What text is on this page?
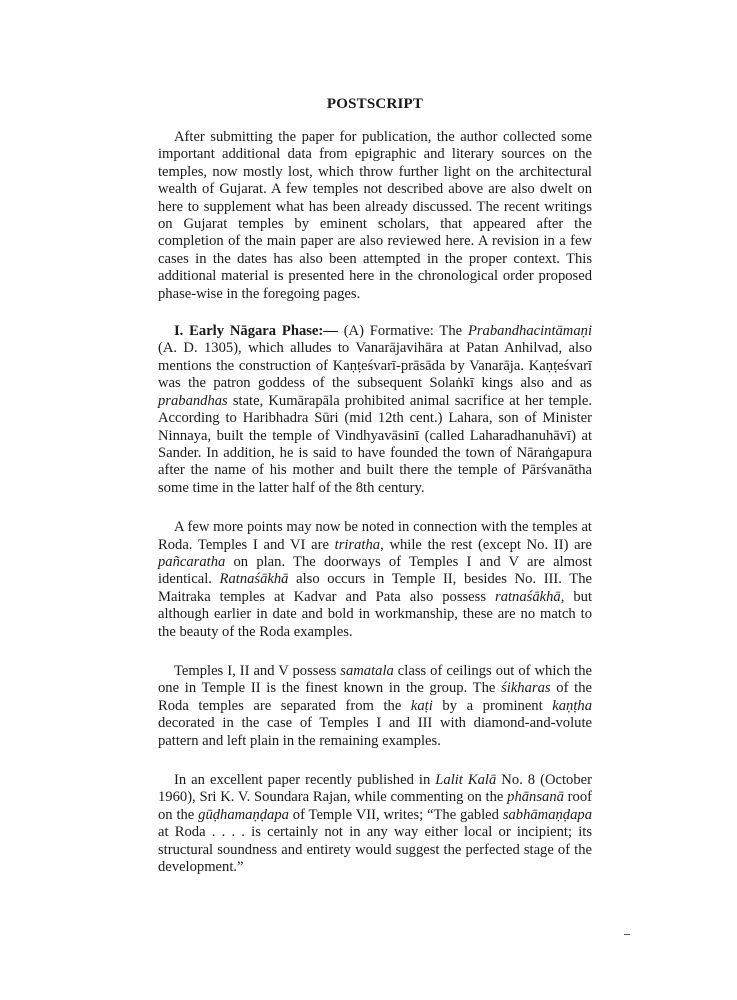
POSTSCRIPT

After submitting the paper for publication, the author collected some important additional data from epigraphic and literary sources on the temples, now mostly lost, which throw further light on the architectural wealth of Gujarat. A few temples not described above are also dwelt on here to supplement what has been already discussed. The recent writings on Gujarat temples by eminent scholars, that appeared after the completion of the main paper are also reviewed here. A revision in a few cases in the dates has also been attempted in the proper context. This additional material is presented here in the chronological order proposed phase-wise in the foregoing pages.

I. Early Nāgara Phase:— (A) Formative: The Prabandhacintāmaṇi (A. D. 1305), which alludes to Vanarājavihāra at Patan Anhilvad, also mentions the construction of Kaṇṭeśvarī-prāsāda by Vanarāja. Kaṇṭeśvarī was the patron goddess of the subsequent Solaṅkī kings also and as prabandhas state, Kumārapāla prohibited animal sacrifice at her temple. According to Haribhadra Sūri (mid 12th cent.) Lahara, son of Minister Ninnaya, built the temple of Vindhyavāsinī (called Laharadhanuhāvī) at Sander. In addition, he is said to have founded the town of Nāraṅgapura after the name of his mother and built there the temple of Pārśvanātha some time in the latter half of the 8th century.

A few more points may now be noted in connection with the temples at Roda. Temples I and VI are triratha, while the rest (except No. II) are pañcaratha on plan. The doorways of Temples I and V are almost identical. Ratnaśākhā also occurs in Temple II, besides No. III. The Maitraka temples at Kadvar and Pata also possess ratnaśākhā, but although earlier in date and bold in workmanship, these are no match to the beauty of the Roda examples.

Temples I, II and V possess samatala class of ceilings out of which the one in Temple II is the finest known in the group. The śikharas of the Roda temples are separated from the kaṭi by a prominent kaṇṭha decorated in the case of Temples I and III with diamond-and-volute pattern and left plain in the remaining examples.

In an excellent paper recently published in Lalit Kalā No. 8 (October 1960), Sri K. V. Soundara Rajan, while commenting on the phānsanā roof on the gūḍhamaṇḍapa of Temple VII, writes; “The gabled sabhāmaṇḍapa at Roda . . . . is certainly not in any way either local or incipient; its structural soundness and entirety would suggest the perfected stage of the development.”
